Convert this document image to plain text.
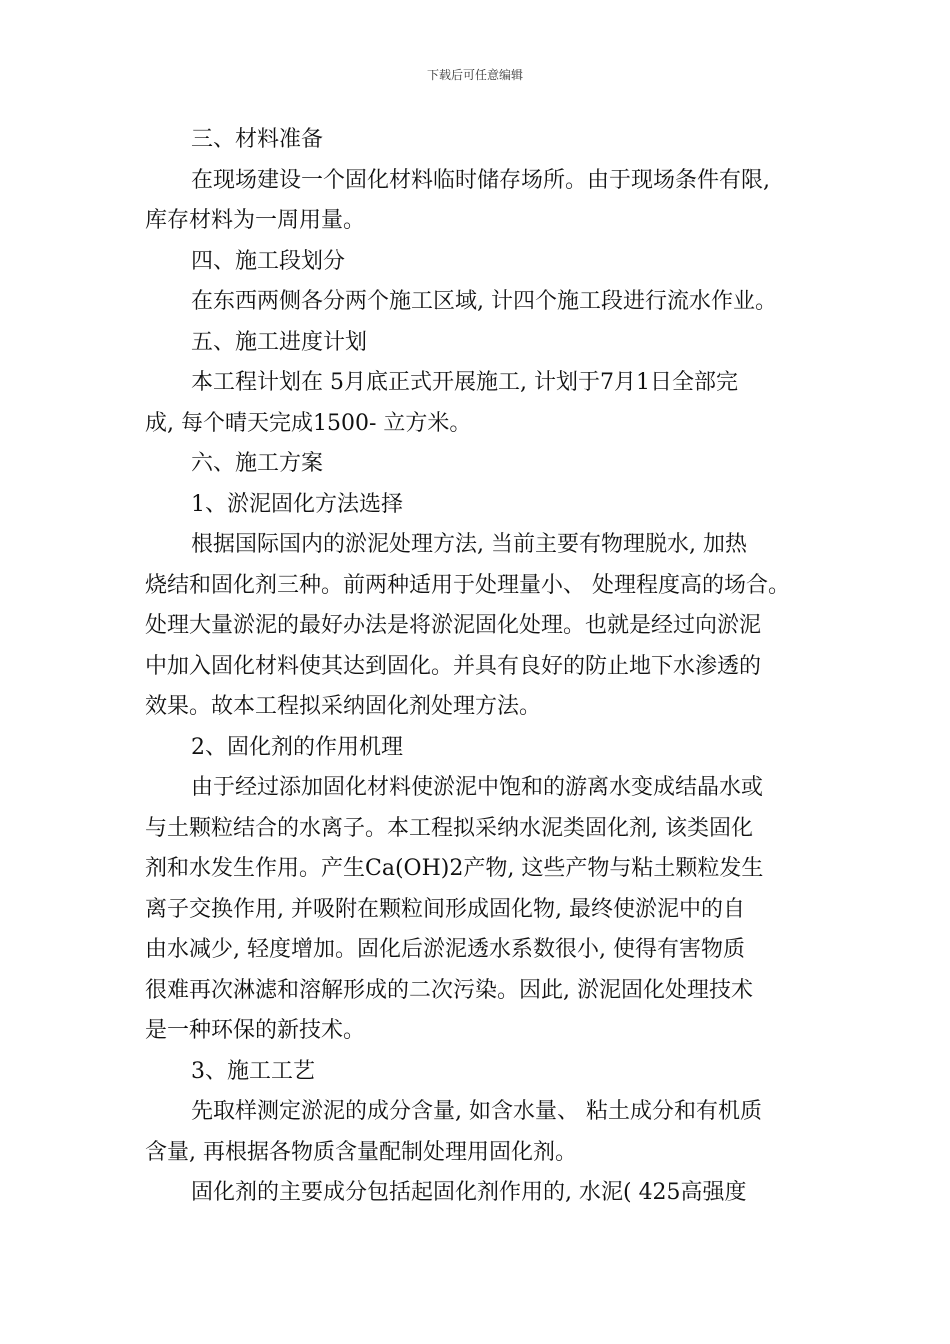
下载后可任意编辑
三、材料准备
在现场建设一个固化材料临时储存场所。由于现场条件有限,
库存材料为一周用量。
四、施工段划分
在东西两侧各分两个施工区域, 计四个施工段进行流水作业。
五、施工进度计划
本工程计划在 5月底正式开展施工, 计划于7月1日全部完
成, 每个晴天完成1500- 立方米。
六、施工方案
1、淤泥固化方法选择
根据国际国内的淤泥处理方法, 当前主要有物理脱水, 加热
烧结和固化剂三种。前两种适用于处理量小、 处理程度高的场合。
处理大量淤泥的最好办法是将淤泥固化处理。也就是经过向淤泥
中加入固化材料使其达到固化。并具有良好的防止地下水渗透的
效果。故本工程拟采纳固化剂处理方法。
2、固化剂的作用机理
由于经过添加固化材料使淤泥中饱和的游离水变成结晶水或
与土颗粒结合的水离子。本工程拟采纳水泥类固化剂, 该类固化
剂和水发生作用。产生Ca(OH)2产物, 这些产物与粘土颗粒发生
离子交换作用, 并吸附在颗粒间形成固化物, 最终使淤泥中的自
由水减少, 轻度增加。固化后淤泥透水系数很小, 使得有害物质
很难再次淋滤和溶解形成的二次污染。因此, 淤泥固化处理技术
是一种环保的新技术。
3、施工工艺
先取样测定淤泥的成分含量, 如含水量、 粘土成分和有机质
含量, 再根据各物质含量配制处理用固化剂。
固化剂的主要成分包括起固化剂作用的, 水泥( 425高强度
